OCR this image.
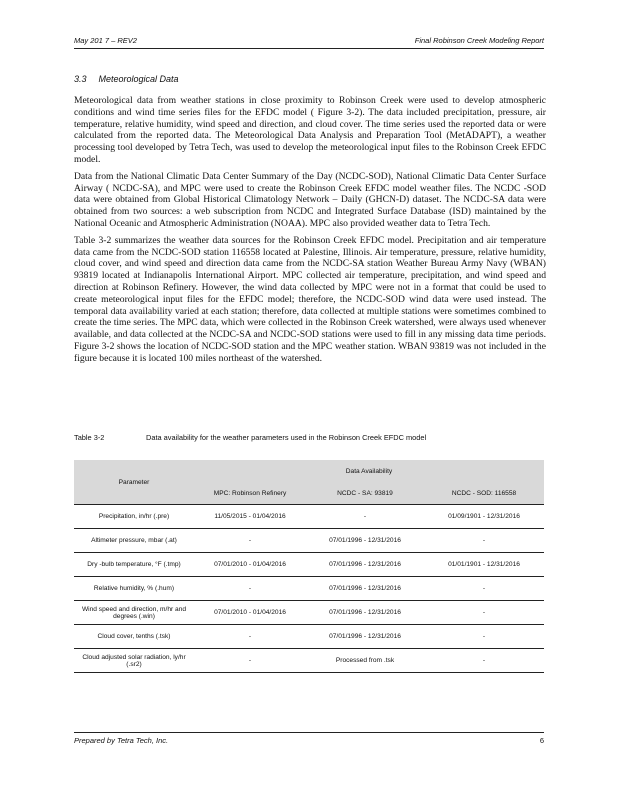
May 201 7 – REV2	Final Robinson Creek Modeling Report
3.3 Meteorological Data

Meteorological data from weather stations in close proximity to Robinson Creek were used to develop atmospheric conditions and wind time series files for the EFDC model ( Figure 3-2). The data included precipitation, pressure, air temperature, relative humidity, wind speed and direction, and cloud cover. The time series used the reported data or were calculated from the reported data. The Meteorological Data Analysis and Preparation Tool (MetADAPT), a weather processing tool developed by Tetra Tech, was used to develop the meteorological input files to the Robinson Creek EFDC model.

Data from the National Climatic Data Center Summary of the Day (NCDC-SOD), National Climatic Data Center Surface Airway ( NCDC-SA), and MPC were used to create the Robinson Creek EFDC model weather files. The NCDC -SOD data were obtained from Global Historical Climatology Network – Daily (GHCN-D) dataset. The NCDC-SA data were obtained from two sources: a web subscription from NCDC and Integrated Surface Database (ISD) maintained by the National Oceanic and Atmospheric Administration (NOAA). MPC also provided weather data to Tetra Tech.

Table 3-2 summarizes the weather data sources for the Robinson Creek EFDC model. Precipitation and air temperature data came from the NCDC-SOD station 116558 located at Palestine, Illinois. Air temperature, pressure, relative humidity, cloud cover, and wind speed and direction data came from the NCDC-SA station Weather Bureau Army Navy (WBAN) 93819 located at Indianapolis International Airport. MPC collected air temperature, precipitation, and wind speed and direction at Robinson Refinery. However, the wind data collected by MPC were not in a format that could be used to create meteorological input files for the EFDC model; therefore, the NCDC-SOD wind data were used instead. The temporal data availability varied at each station; therefore, data collected at multiple stations were sometimes combined to create the time series. The MPC data, which were collected in the Robinson Creek watershed, were always used whenever available, and data collected at the NCDC-SA and NCDC-SOD stations were used to fill in any missing data time periods. Figure 3-2 shows the location of NCDC-SOD station and the MPC weather station. WBAN 93819 was not included in the figure because it is located 100 miles northeast of the watershed.

Table 3-2	Data availability for the weather parameters used in the Robinson Creek EFDC model
Parameter	Data Availability		
	MPC: Robinson Refinery	NCDC - SA: 93819	NCDC - SOD: 116558
Precipitation, in/hr (.pre)	11/05/2015 - 01/04/2016	-	01/09/1901 - 12/31/2016
Altimeter pressure, mbar (.at)	-	07/01/1996 - 12/31/2016	-
Dry -bulb temperature, °F (.tmp)	07/01/2010 - 01/04/2016	07/01/1996 - 12/31/2016	01/01/1901 - 12/31/2016
Relative humidity, % (.hum)	-	07/01/1996 - 12/31/2016	-
Wind speed and direction, m/hr and degrees (.win)	07/01/2010 - 01/04/2016	07/01/1996 - 12/31/2016	-
Cloud cover, tenths (.tsk)	-	07/01/1996 - 12/31/2016	-
Cloud adjusted solar radiation, ly/hr (.sr2)	-	Processed from .tsk	-
Prepared by Tetra Tech, Inc.	6
